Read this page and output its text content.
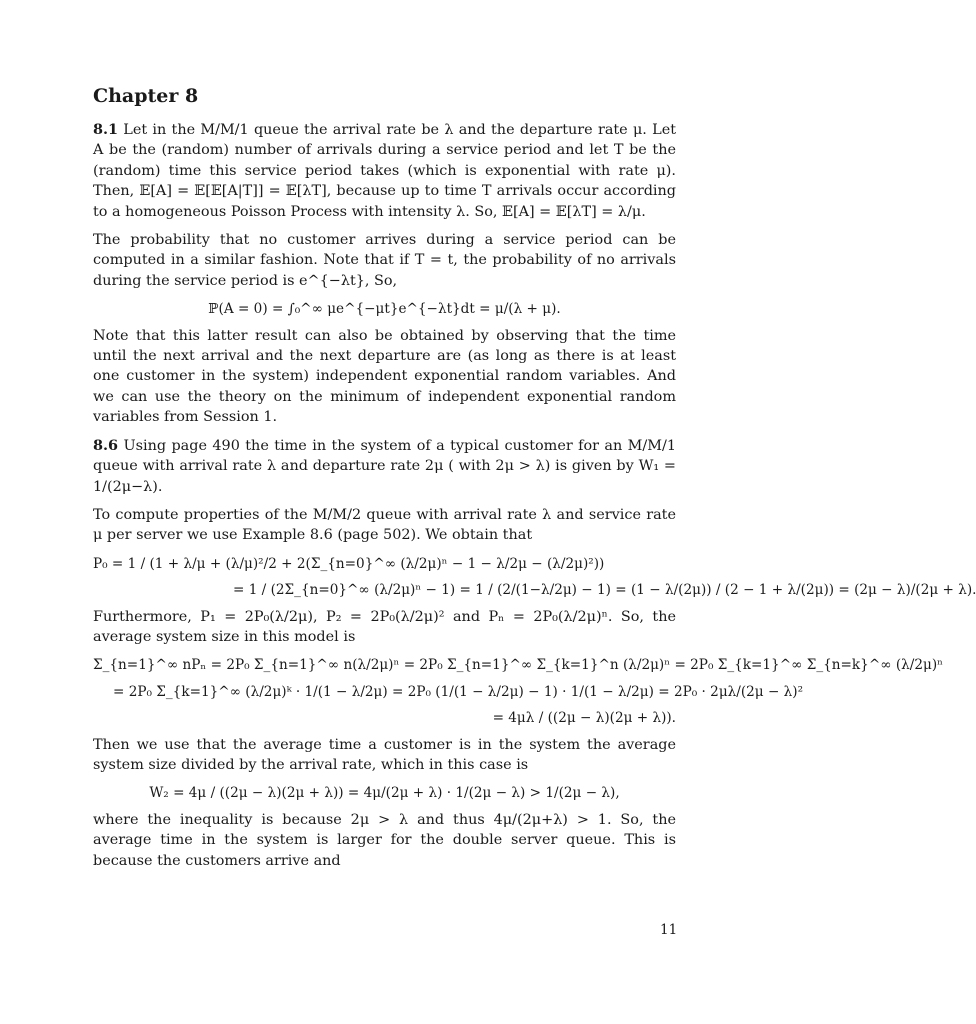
Chapter 8

8.1 Let in the M/M/1 queue the arrival rate be λ and the departure rate μ. Let A be the (random) number of arrivals during a service period and let T be the (random) time this service period takes (which is exponential with rate μ). Then, 𝔼[A] = 𝔼[𝔼[A|T]] = 𝔼[λT], because up to time T arrivals occur according to a homogeneous Poisson Process with intensity λ. So, 𝔼[A] = 𝔼[λT] = λ/μ.

The probability that no customer arrives during a service period can be computed in a similar fashion. Note that if T = t, the probability of no arrivals during the service period is e^{−λt}, So,

ℙ(A = 0) = ∫₀^∞ μe^{−μt}e^{−λt}dt = μ/(λ + μ).

Note that this latter result can also be obtained by observing that the time until the next arrival and the next departure are (as long as there is at least one customer in the system) independent exponential random variables. And we can use the theory on the minimum of independent exponential random variables from Session 1.

8.6 Using page 490 the time in the system of a typical customer for an M/M/1 queue with arrival rate λ and departure rate 2μ ( with 2μ > λ) is given by W₁ = 1/(2μ−λ).

To compute properties of the M/M/2 queue with arrival rate λ and service rate μ per server we use Example 8.6 (page 502). We obtain that

P₀ = 1 / (1 + λ/μ + (λ/μ)²/2 + 2(Σ_{n=0}^∞ (λ/2μ)ⁿ − 1 − λ/2μ − (λ/2μ)²))
= 1 / (2Σ_{n=0}^∞ (λ/2μ)ⁿ − 1) = 1 / (2/(1−λ/2μ) − 1) = (1 − λ/(2μ)) / (2 − 1 + λ/(2μ)) = (2μ − λ)/(2μ + λ).

Furthermore, P₁ = 2P₀(λ/2μ), P₂ = 2P₀(λ/2μ)² and Pₙ = 2P₀(λ/2μ)ⁿ. So, the average system size in this model is

Σ_{n=1}^∞ nPₙ = 2P₀ Σ_{n=1}^∞ n(λ/2μ)ⁿ = 2P₀ Σ_{n=1}^∞ Σ_{k=1}^n (λ/2μ)ⁿ = 2P₀ Σ_{k=1}^∞ Σ_{n=k}^∞ (λ/2μ)ⁿ
= 2P₀ Σ_{k=1}^∞ (λ/2μ)ᵏ · 1/(1 − λ/2μ) = 2P₀ (1/(1 − λ/2μ) − 1) · 1/(1 − λ/2μ) = 2P₀ · 2μλ/(2μ − λ)²
= 4μλ / ((2μ − λ)(2μ + λ)).

Then we use that the average time a customer is in the system the average system size divided by the arrival rate, which in this case is

W₂ = 4μ / ((2μ − λ)(2μ + λ)) = 4μ/(2μ + λ) · 1/(2μ − λ) > 1/(2μ − λ),

where the inequality is because 2μ > λ and thus 4μ/(2μ+λ) > 1. So, the average time in the system is larger for the double server queue. This is because the customers arrive and

11
